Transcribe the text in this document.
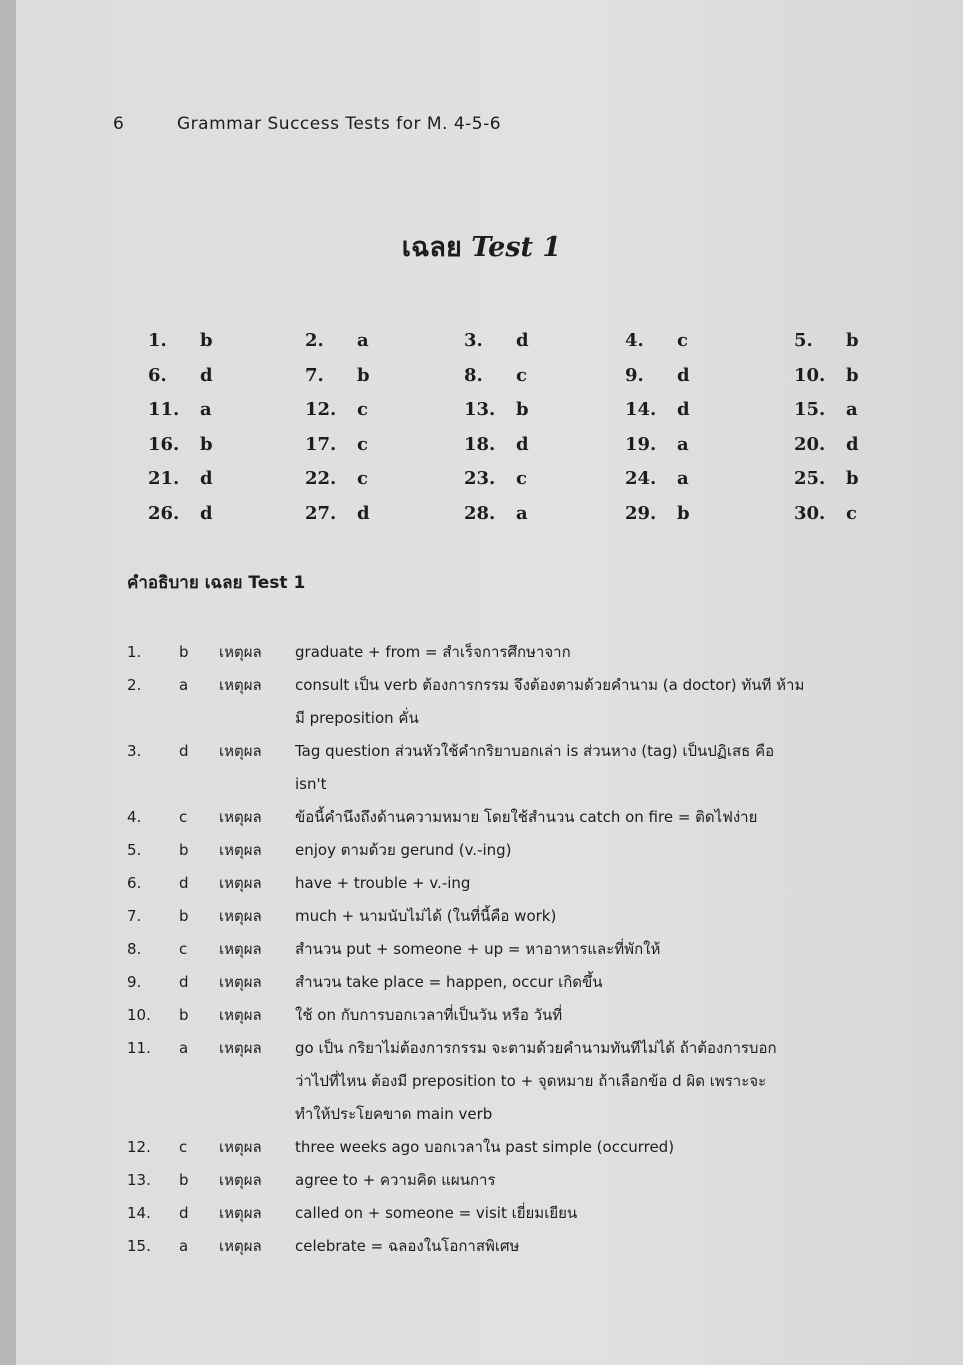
6	Grammar Success Tests for M. 4-5-6
เฉลย Test 1
1. b	2. a	3. d	4. c	5. b
6. d	7. b	8. c	9. d	10. b
11. a	12. c	13. b	14. d	15. a
16. b	17. c	18. d	19. a	20. d
21. d	22. c	23. c	24. a	25. b
26. d	27. d	28. a	29. b	30. c
คำอธิบาย เฉลย Test 1
1.	b	เหตุผล	graduate + from = สำเร็จการศึกษาจาก
2.	a	เหตุผล	consult เป็น verb ต้องการกรรม จึงต้องตามด้วยคำนาม (a doctor) ทันที ห้าม
มี preposition คั่น
3.	d	เหตุผล	Tag question ส่วนหัวใช้คำกริยาบอกเล่า is ส่วนหาง (tag) เป็นปฏิเสธ คือ
isn't
4.	c	เหตุผล	ข้อนี้คำนึงถึงด้านความหมาย โดยใช้สำนวน catch on fire = ติดไฟง่าย
5.	b	เหตุผล	enjoy ตามด้วย gerund (v.-ing)
6.	d	เหตุผล	have + trouble + v.-ing
7.	b	เหตุผล	much + นามนับไม่ได้ (ในที่นี้คือ work)
8.	c	เหตุผล	สำนวน put + someone + up = หาอาหารและที่พักให้
9.	d	เหตุผล	สำนวน take place = happen, occur เกิดขึ้น
10.	b	เหตุผล	ใช้ on กับการบอกเวลาที่เป็นวัน หรือ วันที่
11.	a	เหตุผล	go เป็น กริยาไม่ต้องการกรรม จะตามด้วยคำนามทันทีไม่ได้ ถ้าต้องการบอก
ว่าไปที่ไหน ต้องมี preposition to + จุดหมาย ถ้าเลือกข้อ d ผิด เพราะจะ
ทำให้ประโยคขาด main verb
12.	c	เหตุผล	three weeks ago บอกเวลาใน past simple (occurred)
13.	b	เหตุผล	agree to + ความคิด แผนการ
14.	d	เหตุผล	called on + someone = visit เยี่ยมเยียน
15.	a	เหตุผล	celebrate = ฉลองในโอกาสพิเศษ
